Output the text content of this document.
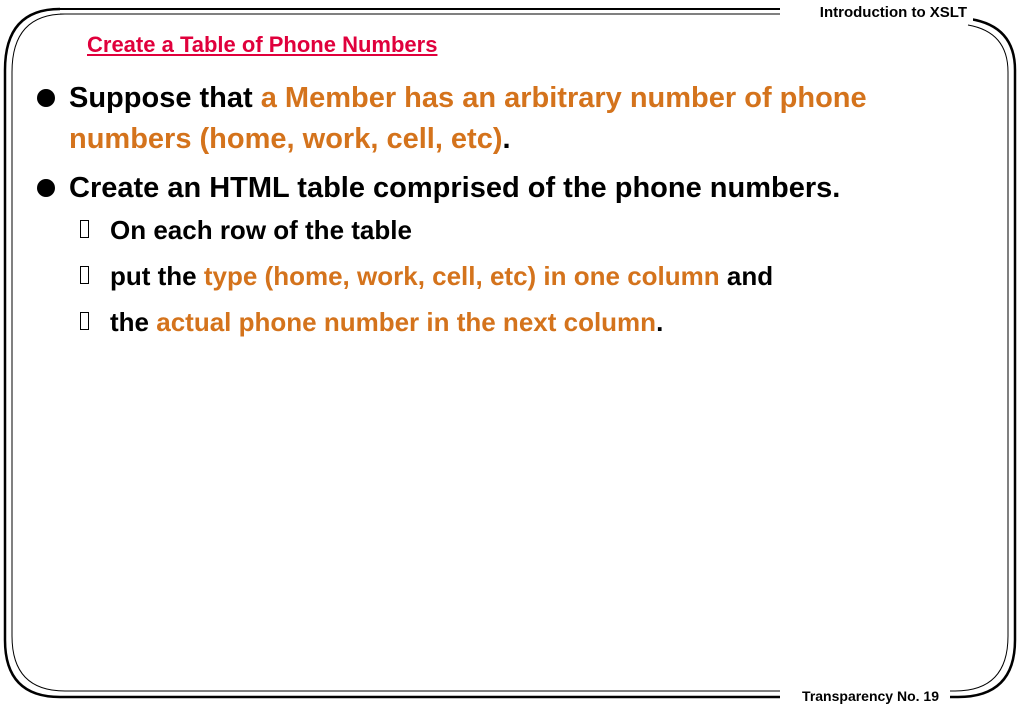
Introduction to XSLT
Transparency No. 19
Create a Table of Phone Numbers
Suppose that a Member has an arbitrary number of phone numbers (home, work, cell, etc).
Create an HTML table comprised of the phone numbers.
On each row of the table
put the type (home, work, cell, etc) in one column and
the actual phone number in the next column.
